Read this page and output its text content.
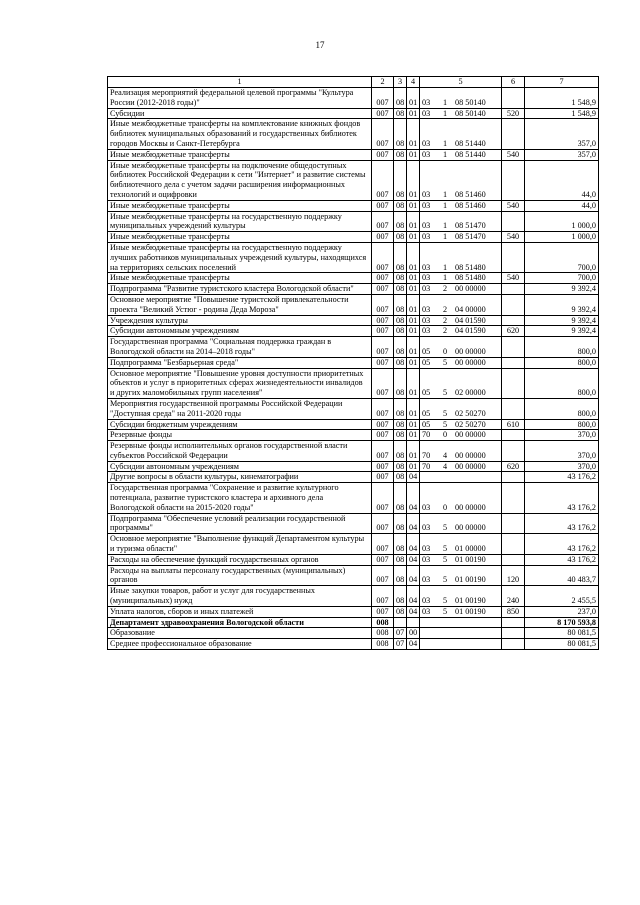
17
1	2	3	4	5	6	7
Реализация мероприятий федеральной целевой программы "Культура России (2012-2018 годы)"	007	08	01	03 1 08 50140		1 548,9
Субсидии	007	08	01	03 1 08 50140	520	1 548,9
Иные межбюджетные трансферты на комплектование книжных фондов библиотек муниципальных образований и государственных библиотек городов Москвы и Санкт-Петербурга	007	08	01	03 1 08 51440		357,0
Иные межбюджетные трансферты	007	08	01	03 1 08 51440	540	357,0
Иные межбюджетные трансферты на подключение общедоступных библиотек Российской Федерации к сети "Интернет" и развитие системы библиотечного дела с учетом задачи расширения информационных технологий и оцифровки	007	08	01	03 1 08 51460		44,0
Иные межбюджетные трансферты	007	08	01	03 1 08 51460	540	44,0
Иные межбюджетные трансферты на государственную поддержку муниципальных учреждений культуры	007	08	01	03 1 08 51470		1 000,0
Иные межбюджетные трансферты	007	08	01	03 1 08 51470	540	1 000,0
Иные межбюджетные трансферты на государственную поддержку лучших работников муниципальных учреждений культуры, находящихся на территориях сельских поселений	007	08	01	03 1 08 51480		700,0
Иные межбюджетные трансферты	007	08	01	03 1 08 51480	540	700,0
Подпрограмма "Развитие туристского кластера Вологодской области"	007	08	01	03 2 00 00000		9 392,4
Основное мероприятие "Повышение туристской привлекательности проекта "Великий Устюг - родина Деда Мороза"	007	08	01	03 2 04 00000		9 392,4
Учреждения культуры	007	08	01	03 2 04 01590		9 392,4
Субсидии автономным учреждениям	007	08	01	03 2 04 01590	620	9 392,4
Государственная программа "Социальная поддержка граждан в Вологодской области на 2014–2018 годы"	007	08	01	05 0 00 00000		800,0
Подпрограмма "Безбарьерная среда"	007	08	01	05 5 00 00000		800,0
Основное мероприятие "Повышение уровня доступности приоритетных объектов и услуг в приоритетных сферах жизнедеятельности инвалидов и других маломобильных групп населения"	007	08	01	05 5 02 00000		800,0
Мероприятия государственной программы Российской Федерации "Доступная среда" на 2011-2020 годы	007	08	01	05 5 02 50270		800,0
Субсидии бюджетным учреждениям	007	08	01	05 5 02 50270	610	800,0
Резервные фонды	007	08	01	70 0 00 00000		370,0
Резервные фонды исполнительных органов государственной власти субъектов Российской Федерации	007	08	01	70 4 00 00000		370,0
Субсидии автономным учреждениям	007	08	01	70 4 00 00000	620	370,0
Другие вопросы в области культуры, кинематографии	007	08	04			43 176,2
Государственная программа "Сохранение и развитие культурного потенциала, развитие туристского кластера и архивного дела Вологодской области на 2015-2020 годы"	007	08	04	03 0 00 00000		43 176,2
Подпрограмма "Обеспечение условий реализации государственной программы"	007	08	04	03 5 00 00000		43 176,2
Основное мероприятие "Выполнение функций Департаментом культуры и туризма области"	007	08	04	03 5 01 00000		43 176,2
Расходы на обеспечение функций государственных органов	007	08	04	03 5 01 00190		43 176,2
Расходы на выплаты персоналу государственных (муниципальных) органов	007	08	04	03 5 01 00190	120	40 483,7
Иные закупки товаров, работ и услуг для государственных (муниципальных) нужд	007	08	04	03 5 01 00190	240	2 455,5
Уплата налогов, сборов и иных платежей	007	08	04	03 5 01 00190	850	237,0
Департамент здравоохранения Вологодской области	008					8 170 593,8
Образование	008	07	00			80 081,5
Среднее профессиональное образование	008	07	04			80 081,5
